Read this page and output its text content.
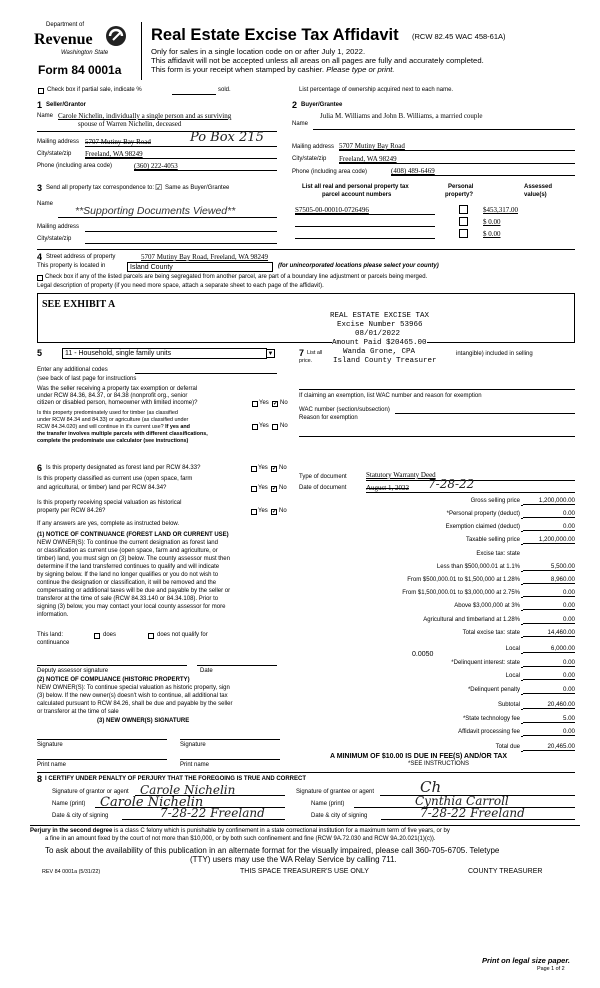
Department of
Revenue
Washington State
Form 84 0001a
Real Estate Excise Tax Affidavit (RCW 82.45 WAC 458-61A)
Only for sales in a single location code on or after July 1, 2022.
This affidavit will not be accepted unless all areas on all pages are fully and accurately completed.
This form is your receipt when stamped by cashier. Please type or print.
Check box if partial sale, indicate %	sold.	List percentage of ownership acquired next to each name.
1 Seller/Grantor
Name Carole Nichelin, individually a single person and as surviving
spouse of Warren Nichelin, deceased
Mailing address 5707 Mutiny Bay Road	Po Box 215
City/state/zip Freeland, WA 98249
Phone (including area code)	(360) 222-4053
2 Buyer/Grantee
Julia M. Williams and John B. Williams, a married couple
Name
Mailing address 5707 Mutiny Bay Road
City/state/zip Freeland, WA 98249
Phone (including area code)	(408) 489-6469
3 Send all property tax correspondence to: ☑ Same as Buyer/Grantee
Name
**Supporting Documents Viewed**
Mailing address
City/state/zip
List all real and personal property tax
parcel account numbers
Personal
property?
Assessed
value(s)
S7505-00-00010-0726496	$453,317.00
$ 0.00
$ 0.00
4 Street address of property	5707 Mutiny Bay Road, Freeland, WA 98249
This property is located in	Island County	(for unincorporated locations please select your county)
Check box if any of the listed parcels are being segregated from another parcel, are part of a boundary line adjustment or parcels being merged.
Legal description of property (if you need more space, attach a separate sheet to each page of the affidavit).
SEE EXHIBIT A
REAL ESTATE EXCISE TAX
Excise Number 53966
08/01/2022
Amount Paid $20465.00
Wanda Grone, CPA
Island County Treasurer
5	11 - Household, single family units	▼
Enter any additional codes
(see back of last page for instructions
Was the seller receiving a property tax exemption or deferral
under RCW 84.36, 84.37, or 84.38 (nonprofit org., senior
citizen or disabled person, homeowner with limited income)?	Yes ✓ No
Is this property predominately used for timber (as classified
under RCW 84.34 and 84.33) or agriculture (as classified under
RCW 84.34.020) and will continue in it's current use? If yes and	Yes No
the transfer involves multiple parcels with different classifications,
complete the predominate use calculator (see instructions)
7 List all
price.
intangible) included in selling
If claiming an exemption, list WAC number and reason for exemption
WAC number (section/subsection)
Reason for exemption
Type of document	Statutory Warranty Deed
Date of document	August 1, 2022 7-28-22
6 Is this property designated as forest land per RCW 84.33?	Yes ✓ No
Is this property classified as current use (open space, farm
and agricultural, or timber) land per RCW 84.34?	Yes ✓ No
Is this property receiving special valuation as historical
property per RCW 84.26?	Yes ✓ No
If any answers are yes, complete as instructed below.
(1) NOTICE OF CONTINUANCE (FOREST LAND OR CURRENT USE)
NEW OWNER(S): To continue the current designation as forest land
or classification as current use (open space, farm and agriculture, or
timber) land, you must sign on (3) below. The county assessor must then
determine if the land transferred continues to qualify and will indicate
by signing below. If the land no longer qualifies or you do not wish to
continue the designation or classification, it will be removed and the
compensating or additional taxes will be due and payable by the seller or
transferor at the time of sale (RCW 84.33.140 or 84.34.108). Prior to
signing (3) below, you may contact your local county assessor for more
information.
This land:
continuance
does	does not qualify for
Deputy assessor signature	Date
(2) NOTICE OF COMPLIANCE (HISTORIC PROPERTY)
NEW OWNER(S): To continue special valuation as historic property, sign
(3) below. If the new owner(s) doesn't wish to continue, all additional tax
calculated pursuant to RCW 84.26, shall be due and payable by the seller
or transferor at the time of sale
(3) NEW OWNER(S) SIGNATURE
Signature	Signature
Print name	Print name
Gross selling price	1,200,000.00
*Personal property (deduct)	0.00
Exemption claimed (deduct)	0.00
Taxable selling price	1,200,000.00
Excise tax: state
Less than $500,000.01 at 1.1%	5,500.00
From $500,000.01 to $1,500,000 at 1.28%	8,960.00
From $1,500,000.01 to $3,000,000 at 2.75%	0.00
Above $3,000,000 at 3%	0.00
Agricultural and timberland at 1.28%	0.00
Total excise tax: state	14,460.00
Local	6,000.00
*Delinquent interest: state	0.00
Local	0.00
*Delinquent penalty	0.00
Subtotal	20,460.00
*State technology fee	5.00
Affidavit processing fee	0.00
Total due	20,465.00
0.0050
A MINIMUM OF $10.00 IS DUE IN FEE(S) AND/OR TAX
*SEE INSTRUCTIONS
8 I CERTIFY UNDER PENALTY OF PERJURY THAT THE FOREGOING IS TRUE AND CORRECT
Signature of grantor or agent Carole Nichelin
Name (print) Carole Nichelin
Date & city of signing	7-28-22 Freeland
Signature of grantee or agent	Ch
Name (print)	Cynthia Carroll
Date & city of signing	7-28-22 Freeland
Perjury in the second degree is a class C felony which is punishable by confinement in a state correctional institution for a maximum term of five years, or by
a fine in an amount fixed by the court of not more than $10,000, or by both such confinement and fine (RCW 9A.72.030 and RCW 9A.20.021(1)(c)).
To ask about the availability of this publication in an alternate format for the visually impaired, please call 360-705-6705. Teletype
(TTY) users may use the WA Relay Service by calling 711.
REV 84 0001a (5/31/22)	THIS SPACE TREASURER'S USE ONLY	COUNTY TREASURER
Print on legal size paper.
Page 1 of 2
